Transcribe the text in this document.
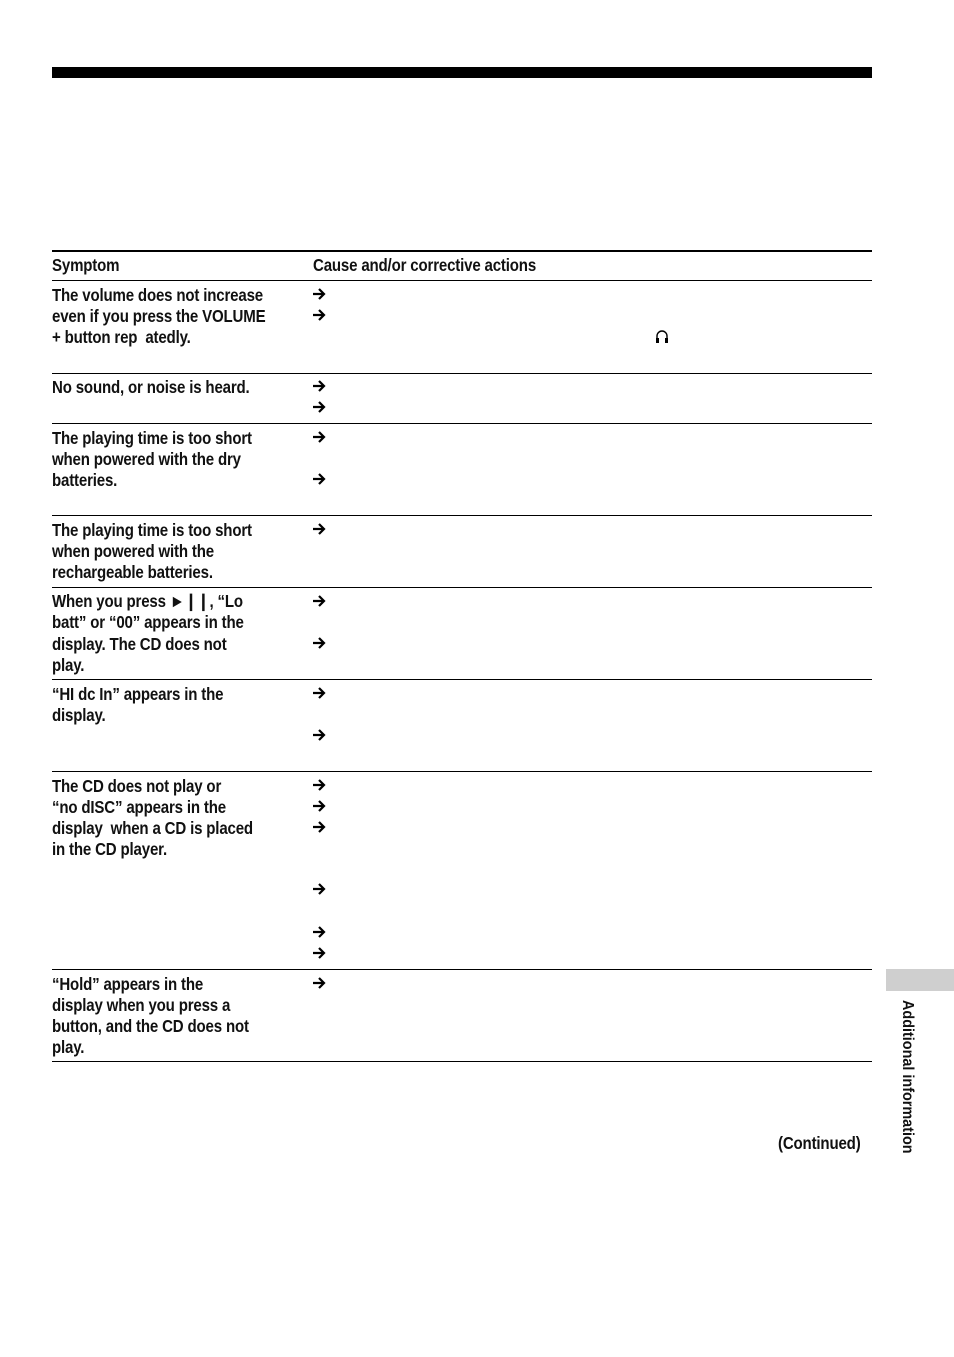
Symptom	Cause and/or corrective actions
The volume does not increase
even if you press the VOLUME
+ button rep  atedly.
No sound, or noise is heard.
The playing time is too short
when powered with the dry
batteries.
The playing time is too short
when powered with the
rechargeable batteries.
When you press ►❙❙, “Lo
batt” or “00” appears in the
display. The CD does not
play.
“HI dc In” appears in the
display.
The CD does not play or
“no dISC” appears in the
display  when a CD is placed
in the CD player.
“Hold” appears in the
display when you press a
button, and the CD does not
play.
(Continued) Additional information
